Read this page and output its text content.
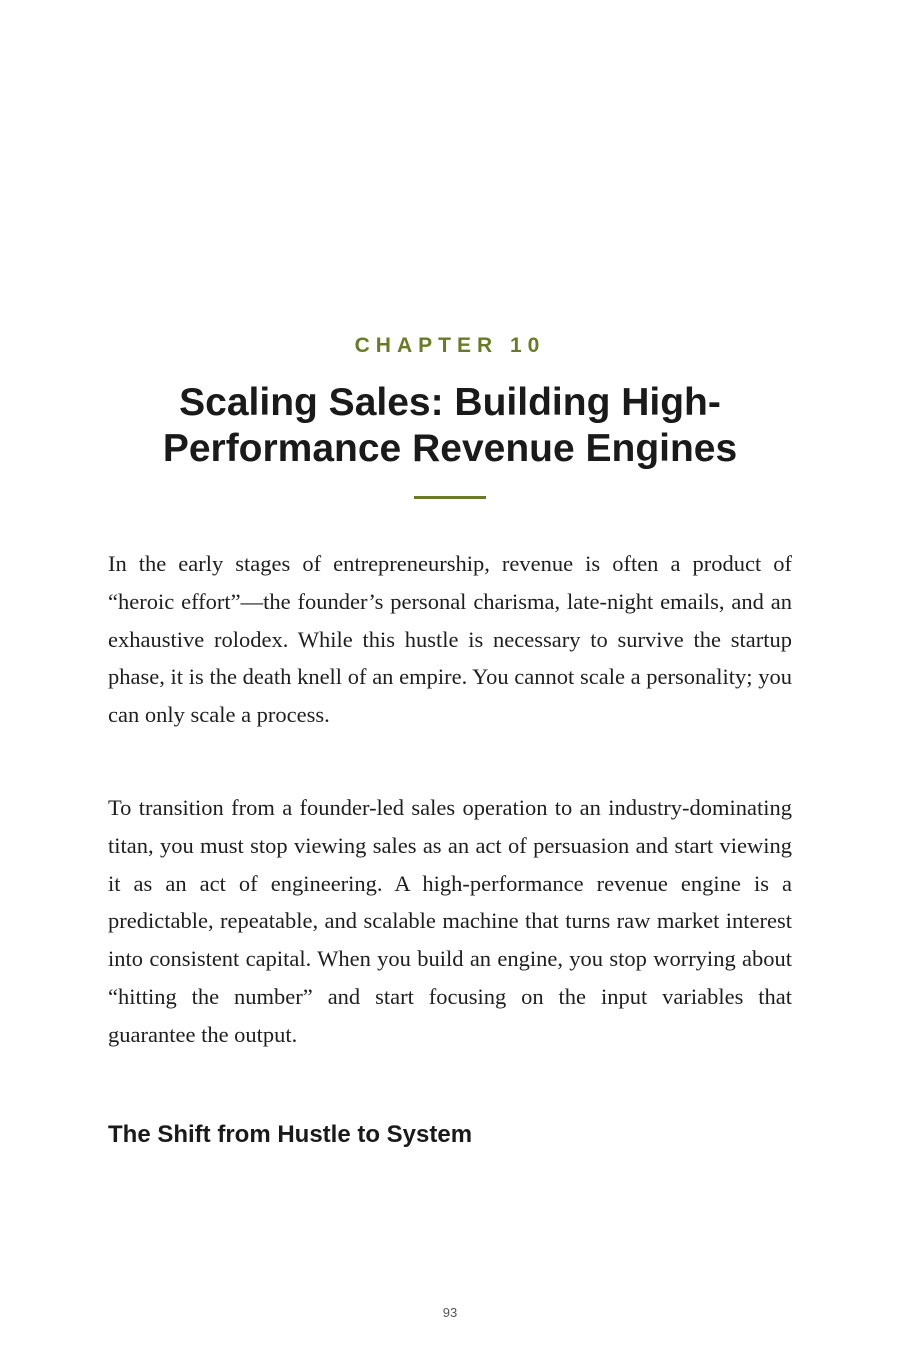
CHAPTER 10
Scaling Sales: Building High-Performance Revenue Engines

In the early stages of entrepreneurship, revenue is often a product of “heroic effort”—the founder’s personal charisma, late-night emails, and an exhaustive rolodex. While this hustle is necessary to survive the startup phase, it is the death knell of an empire. You cannot scale a personality; you can only scale a process.

To transition from a founder-led sales operation to an industry-dominating titan, you must stop viewing sales as an act of persuasion and start viewing it as an act of engineering. A high-performance revenue engine is a predictable, repeatable, and scalable machine that turns raw market interest into consistent capital. When you build an engine, you stop worrying about “hitting the number” and start focusing on the input variables that guarantee the output.

The Shift from Hustle to System
93
